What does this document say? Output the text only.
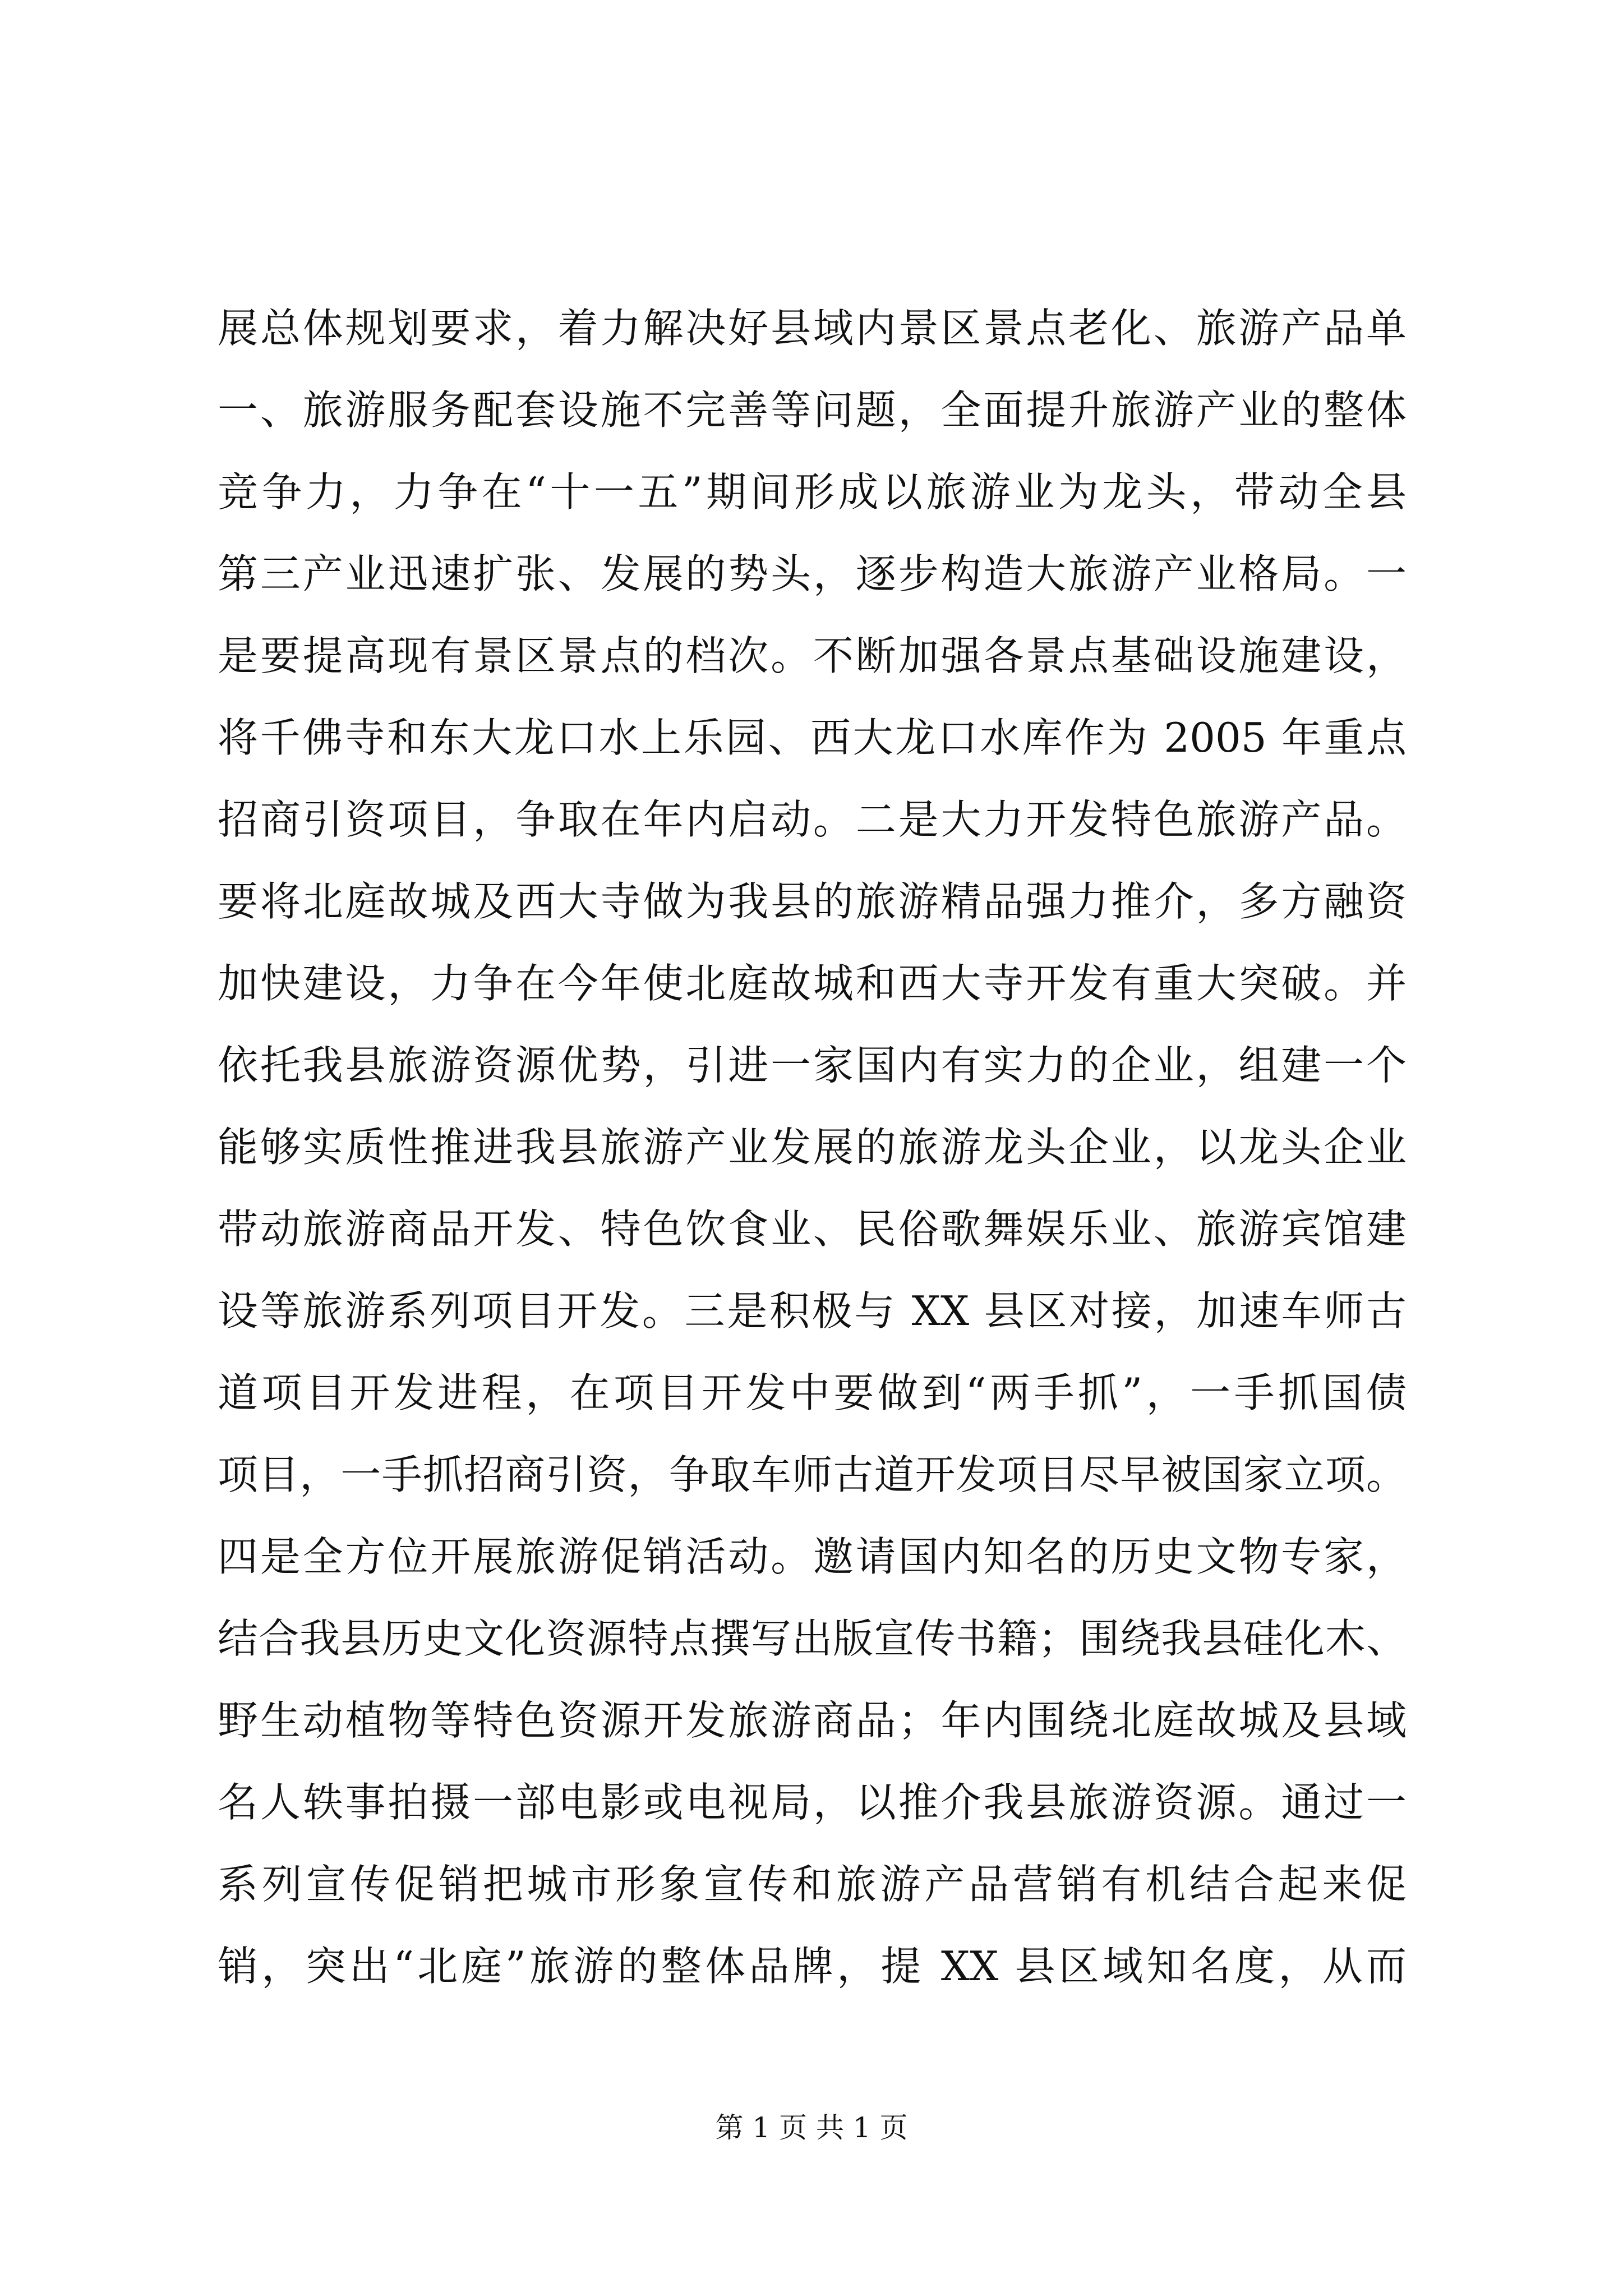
展总体规划要求，着力解决好县域内景区景点老化、旅游产品单
一、旅游服务配套设施不完善等问题，全面提升旅游产业的整体
竞争力，力争在“十一五”期间形成以旅游业为龙头，带动全县
第三产业迅速扩张、发展的势头，逐步构造大旅游产业格局。一
是要提高现有景区景点的档次。不断加强各景点基础设施建设，
将千佛寺和东大龙口水上乐园、西大龙口水库作为 2005 年重点
招商引资项目，争取在年内启动。二是大力开发特色旅游产品。
要将北庭故城及西大寺做为我县的旅游精品强力推介，多方融资
加快建设，力争在今年使北庭故城和西大寺开发有重大突破。并
依托我县旅游资源优势，引进一家国内有实力的企业，组建一个
能够实质性推进我县旅游产业发展的旅游龙头企业，以龙头企业
带动旅游商品开发、特色饮食业、民俗歌舞娱乐业、旅游宾馆建
设等旅游系列项目开发。三是积极与 XX 县区对接，加速车师古
道项目开发进程，在项目开发中要做到“两手抓”，一手抓国债
项目，一手抓招商引资，争取车师古道开发项目尽早被国家立项。
四是全方位开展旅游促销活动。邀请国内知名的历史文物专家，
结合我县历史文化资源特点撰写出版宣传书籍；围绕我县硅化木、
野生动植物等特色资源开发旅游商品；年内围绕北庭故城及县域
名人轶事拍摄一部电影或电视局，以推介我县旅游资源。通过一
系列宣传促销把城市形象宣传和旅游产品营销有机结合起来促
销，突出“北庭”旅游的整体品牌，提 XX 县区域知名度，从而
第 1 页 共 1 页
